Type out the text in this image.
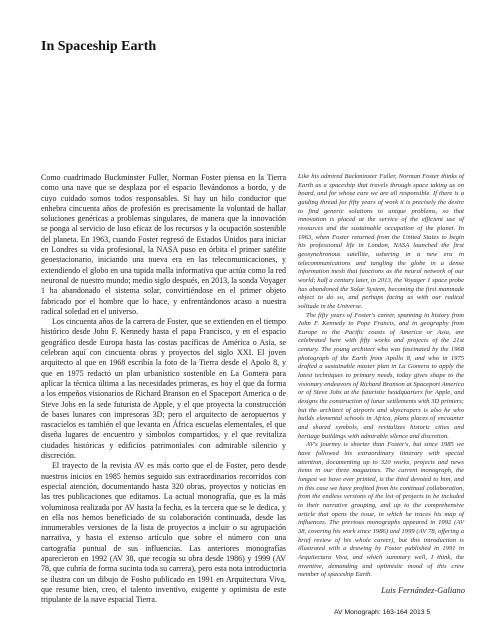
In Spaceship Earth

Como cuadrimado Buckminster Fuller, Norman Foster piensa en la Tierra como una nave que se desplaza por el espacio llevándonos a bordo, y de cuyo cuidado somos todos responsables. Si hay un hilo conductor que enhebra cincuenta años de profesión es precisamente la voluntad de hallar soluciones genéricas a problemas singulares, de manera que la innovación se ponga al servicio de luso eficaz de los recursos y la ocupación sostenible del planeta. En 1963, cuando Foster regresó de Estados Unidos para iniciar en Londres su vida profesional, la NASA puso en órbita el primer satélite geoestacionario, iniciando una nueva era en las telecomunicaciones, y extendiendo el globo en una tupida malla informativa que actúa como la red neuronal de nuestro mundo; medio siglo después, en 2013, la sonda Voyager 1 ha abandonado el sistema solar, convirtiéndose en el primer objeto fabricado por el hombre que lo hace, y enfrentándonos acaso a nuestra radical soledad en el universo.

Los cincuenta años de la carrera de Foster, que se extienden en el tiempo histórico desde John F. Kennedy hasta el papa Francisco, y en el espacio geográfico desde Europa hasta las costas pacíficas de América o Asia, se celebran aquí con cincuenta obras y proyectos del siglo XXI. El joven arquitecto al que en 1968 escribía la foto de la Tierra desde el Apolo 8, y que en 1975 redactó un plan urbanístico sostenible en La Gomera para aplicar la técnica última a las necesidades primeras, es hoy el que da forma a los empeños visionarios de Richard Branson en el Spaceport America o de Steve Jobs en la sede futurista de Apple, y el que proyecta la construcción de bases lunares con impresoras 3D; pero el arquitecto de aeropuertos y rascacielos es también el que levanta en África escuelas elementales, el que diseña lugares de encuentro y símbolos compartidos, y el que revitaliza ciudades históricas y edificios patrimoniales con admirable silencio y discreción.

El trayecto de la revista AV es más corto que el de Foster, pero desde nuestros inicios en 1985 hemos seguido sus extraordinarios recorridos con especial atención, documentando hasta 320 obras, proyectos y noticias en las tres publicaciones que editamos. La actual monografía, que es la más voluminosa realizada por AV hasta la fecha, es la tercera que se le dedica, y en ella nos hemos beneficiado de su colaboración continuada, desde las innumerables versiones de la lista de proyectos a incluir o su agrupación narrativa, y hasta el extenso artículo que sobre el número con una cartografía puntual de sus influencias. Las anteriores monografías aparecieron en 1992 (AV 38, que recogía su obra desde 1986) y 1999 (AV 78, que cubría de forma sucinta toda su carrera), pero esta nota introductoria se ilustra con un dibujo de Fosho publicado en 1991 en Arquitectura Viva, que resume bien, creo, el talento inventivo, exigente y optimista de este tripulante de la nave espacial Tierra.

Like his admired Buckminster Fuller, Norman Foster thinks of Earth as a spaceship that travels through space taking us on board, and for whose care we are all responsible. If there is a guiding thread for fifty years of work it is precisely the desire to find generic solutions to unique problems, so that innovation is placed at the service of the efficient use of resources and the sustainable occupation of the planet. In 1963, when Foster returned from the United States to begin his professional life in London, NASA launched the first geosynchronous satellite, ushering in a new era in telecommunications and tangling the globe in a dense information mesh that functions as the neural network of our world; half a century later, in 2013, the Voyager 1 space probe has abandoned the Solar System, becoming the first manmade object to do so, and perhaps facing us with our radical solitude in the Universe.

The fifty years of Foster's career, spanning in history from John F. Kennedy to Pope Francis, and in geography from Europe to the Pacific coasts of America or Asia, are celebrated here with fifty works and projects of the 21st century. The young architect who was fascinated by the 1968 photograph of the Earth from Apollo 8, and who in 1975 drafted a sustainable master plan in La Gomera to apply the latest techniques to primary needs, today gives shape to the visionary endeavors of Richard Branson at Spaceport America or of Steve Jobs at the futuristic headquarters for Apple, and designs the construction of lunar settlements with 3D printers; but the architect of airports and skyscrapers is also he who builds elemental schools in Africa, plans places of encounter and shared symbols, and revitalizes historic cities and heritage buildings with admirable silence and discretion.

AV's journey is shorter than Foster's, but since 1985 we have followed his extraordinary itinerary with special attention, documenting up to 320 works, projects and news items in our three magazines. The current monograph, the longest we have ever printed, is the third devoted to him, and in this case we have profited from his continual collaboration, from the endless versions of the list of projects to be included to their narrative grouping, and up to the comprehensive article that opens the issue, in which he traces his map of influences. The previous monographs appeared in 1992 (AV 38, covering his work since 1986) and 1999 (AV 78, offering a brief review of his whole career), but this introduction is illustrated with a drawing by Foster published in 1991 in Arquitectura Viva, and which summary well, I think, the inventive, demanding and optimistic mood of this crew member of spaceship Earth.

Luis Fernández-Galiano
AV Monograph: 163-164 2013 5
